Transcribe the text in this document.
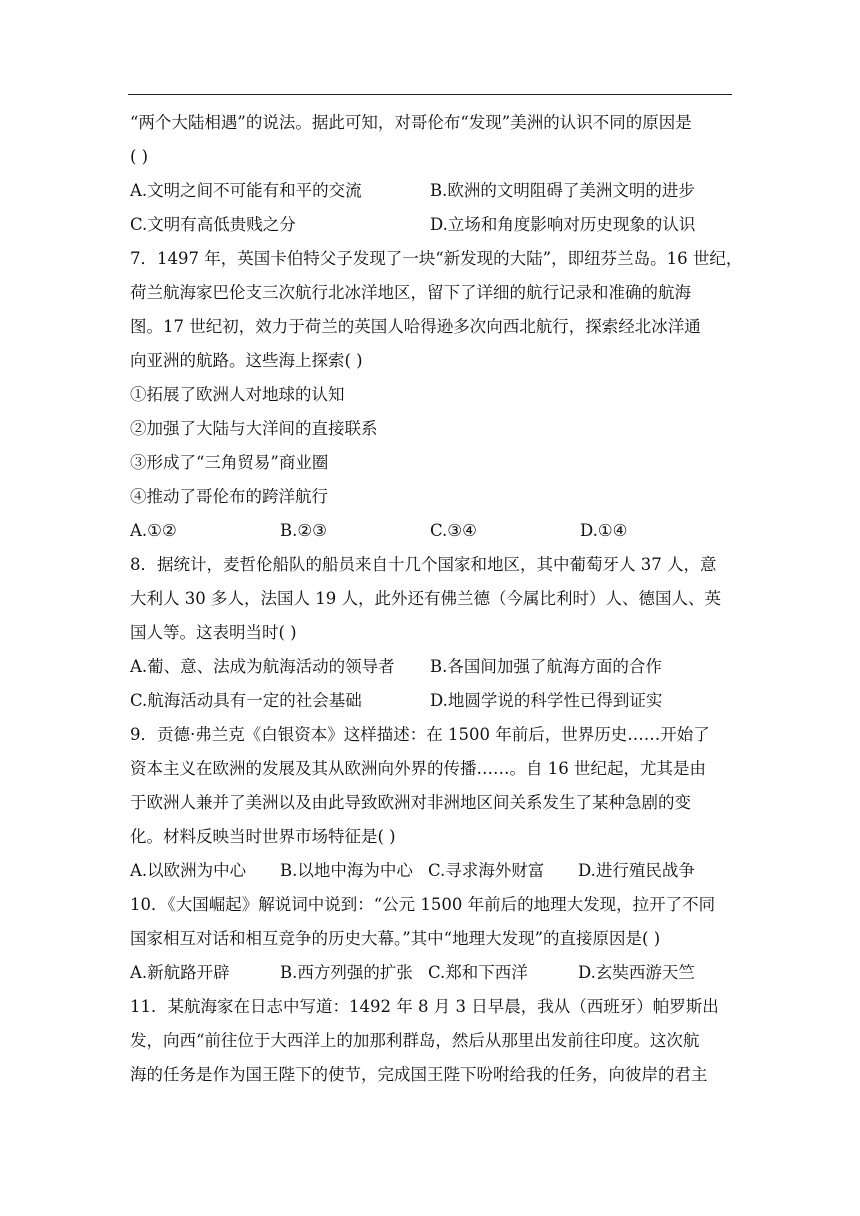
“两个大陆相遇”的说法。据此可知，对哥伦布“发现”美洲的认识不同的原因是
( )
A.文明之间不可能有和平的交流	B.欧洲的文明阻碍了美洲文明的进步
C.文明有高低贵贱之分	D.立场和角度影响对历史现象的认识
7．1497 年，英国卡伯特父子发现了一块“新发现的大陆”，即纽芬兰岛。16 世纪，
荷兰航海家巴伦支三次航行北冰洋地区，留下了详细的航行记录和准确的航海
图。17 世纪初，效力于荷兰的英国人哈得逊多次向西北航行，探索经北冰洋通
向亚洲的航路。这些海上探索( )
①拓展了欧洲人对地球的认知
②加强了大陆与大洋间的直接联系
③形成了“三角贸易”商业圈
④推动了哥伦布的跨洋航行
A.①②	B.②③	C.③④	D.①④
8．据统计，麦哲伦船队的船员来自十几个国家和地区，其中葡萄牙人 37 人，意
大利人 30 多人，法国人 19 人，此外还有佛兰德（今属比利时）人、德国人、英
国人等。这表明当时( )
A.葡、意、法成为航海活动的领导者	B.各国间加强了航海方面的合作
C.航海活动具有一定的社会基础	D.地圆学说的科学性已得到证实
9．贡德·弗兰克《白银资本》这样描述：在 1500 年前后，世界历史……开始了
资本主义在欧洲的发展及其从欧洲向外界的传播……。自 16 世纪起，尤其是由
于欧洲人兼并了美洲以及由此导致欧洲对非洲地区间关系发生了某种急剧的变
化。材料反映当时世界市场特征是( )
A.以欧洲为中心	B.以地中海为中心 C.寻求海外财富	D.进行殖民战争
10．《大国崛起》解说词中说到：“公元 1500 年前后的地理大发现，拉开了不同
国家相互对话和相互竞争的历史大幕。”其中“地理大发现”的直接原因是( )
A.新航路开辟	B.西方列强的扩张 C.郑和下西洋	D.玄奘西游天竺
11．某航海家在日志中写道：1492 年 8 月 3 日早晨，我从（西班牙）帕罗斯出
发，向西“前往位于大西洋上的加那利群岛，然后从那里出发前往印度。这次航
海的任务是作为国王陛下的使节，完成国王陛下吩咐给我的任务，向彼岸的君主
